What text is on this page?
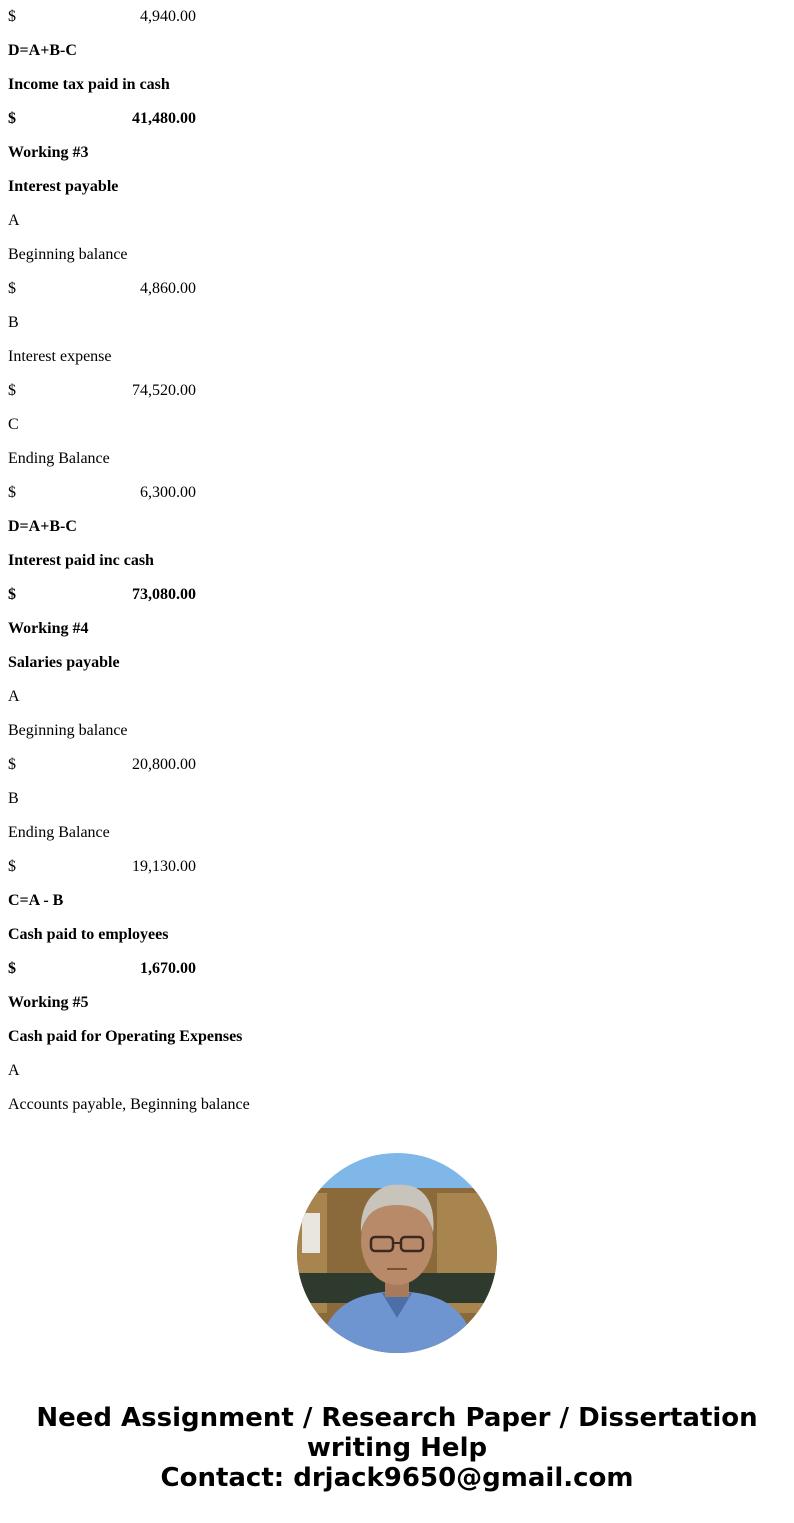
$	4,940.00
D=A+B-C
Income tax paid in cash
$	41,480.00
Working #3
Interest payable
A
Beginning balance
$	4,860.00
B
Interest expense
$	74,520.00
C
Ending Balance
$	6,300.00
D=A+B-C
Interest paid inc cash
$	73,080.00
Working #4
Salaries payable
A
Beginning balance
$	20,800.00
B
Ending Balance
$	19,130.00
C=A - B
Cash paid to employees
$	1,670.00
Working #5
Cash paid for Operating Expenses
A
Accounts payable, Beginning balance
Need Assignment / Research Paper / Dissertation
writing Help
Contact: drjack9650@gmail.com
